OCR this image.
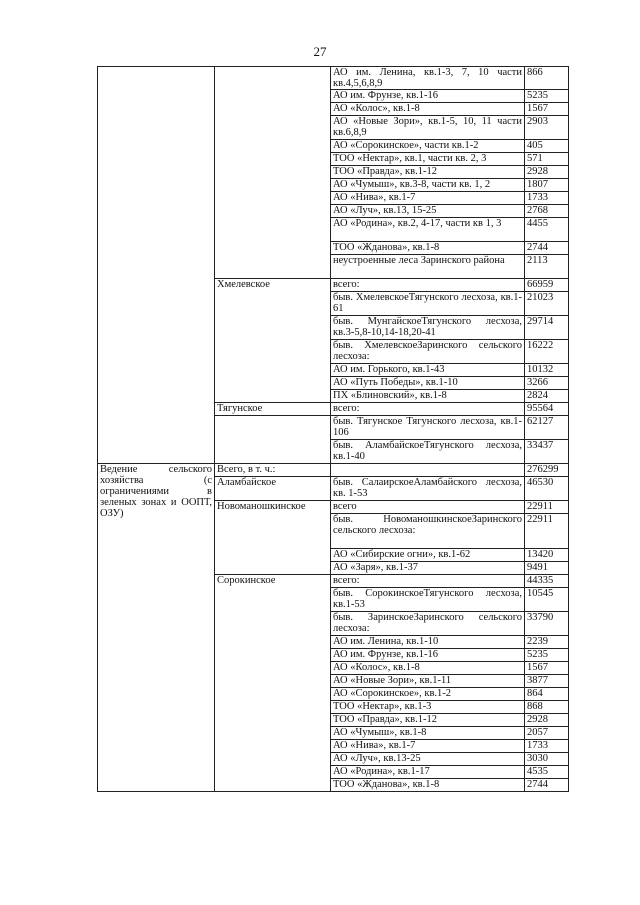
27
		АО им. Ленина, кв.1-3, 7, 10 части кв.4,5,6,8,9	866
		АО им. Фрунзе, кв.1-16	5235
		АО «Колос», кв.1-8	1567
		АО «Новые Зори», кв.1-5, 10, 11 части кв.6,8,9	2903
		АО «Сорокинское», части кв.1-2	405
		ТОО «Нектар», кв.1, части кв. 2, 3	571
		ТОО «Правда», кв.1-12	2928
		АО «Чумыш», кв.3-8, части кв. 1, 2	1807
		АО «Нива», кв.1-7	1733
		АО «Луч», кв.13, 15-25	2768
		АО «Родина», кв.2, 4-17, части кв 1, 3	4455
		ТОО «Жданова», кв.1-8	2744
		неустроенные леса Заринского района	2113
	Хмелевское	всего:	66959
		быв. ХмелевскоеТягунского лесхоза, кв.1-61	21023
		быв. МунгайскоеТягунского лесхоза, кв.3-5,8-10,14-18,20-41	29714
		быв. ХмелевскоеЗаринского сельского лесхоза:	16222
		АО им. Горького, кв.1-43	10132
		АО «Путь Победы», кв.1-10	3266
		ПХ «Блиновский», кв.1-8	2824
	Тягунское	всего:	95564
		быв. Тягунское Тягунского лесхоза, кв.1-106	62127
		быв. АламбайскоеТягунского лесхоза, кв.1-40	33437
Ведение сельского хозяйства (с ограничениями в зеленых зонах и ООПТ, ОЗУ)	Всего, в т. ч.:		276299
	Аламбайское	быв. СалаирскоеАламбайского лесхоза, кв. 1-53	46530
	Новоманошкинское	всего	22911
		быв. НовоманошкинскоеЗаринского сельского лесхоза:	22911
		АО «Сибирские огни», кв.1-62	13420
		АО «Заря», кв.1-37	9491
	Сорокинское	всего:	44335
		быв. СорокинскоеТягунского лесхоза, кв.1-53	10545
		быв. ЗаринскоеЗаринского сельского лесхоза:	33790
		АО им. Ленина, кв.1-10	2239
		АО им. Фрунзе, кв.1-16	5235
		АО «Колос», кв.1-8	1567
		АО «Новые Зори», кв.1-11	3877
		АО «Сорокинское», кв.1-2	864
		ТОО «Нектар», кв.1-3	868
		ТОО «Правда», кв.1-12	2928
		АО «Чумыш», кв.1-8	2057
		АО «Нива», кв.1-7	1733
		АО «Луч», кв.13-25	3030
		АО «Родина», кв.1-17	4535
		ТОО «Жданова», кв.1-8	2744
